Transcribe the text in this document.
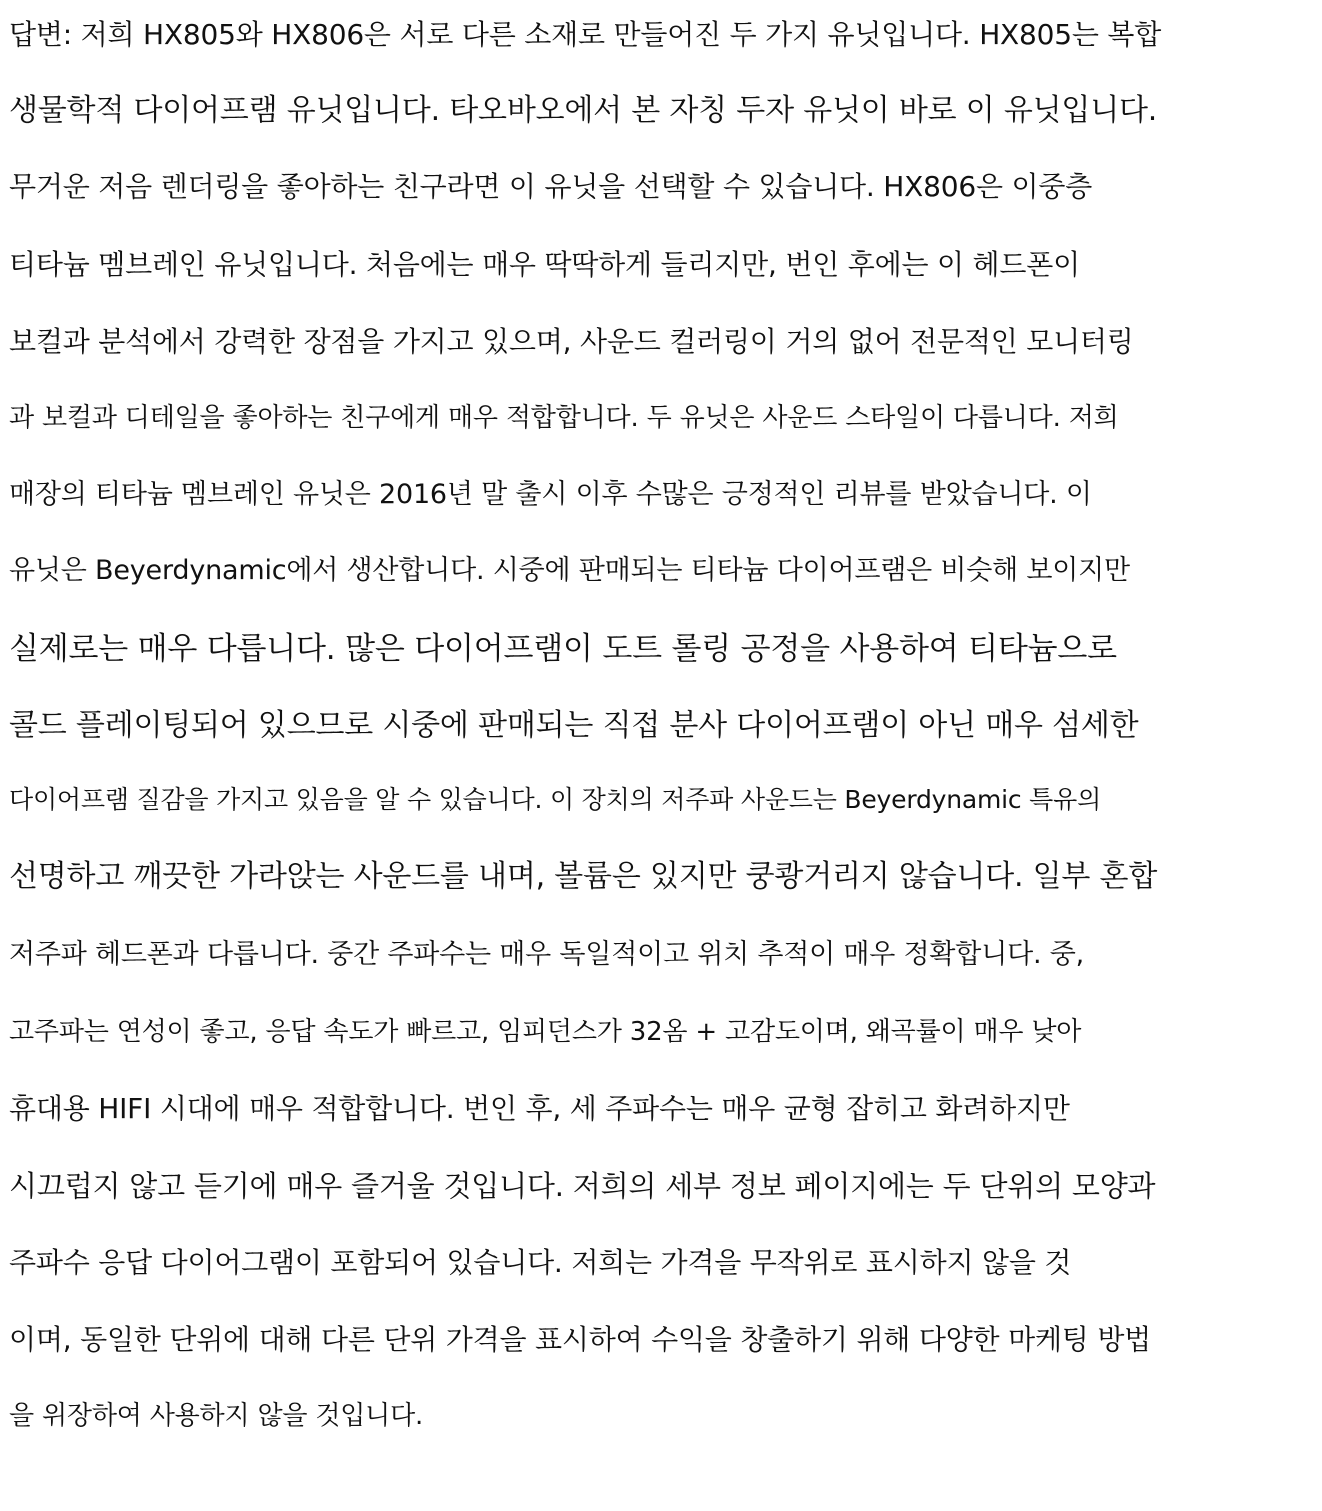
답변: 저희 HX805와 HX806은 서로 다른 소재로 만들어진 두 가지 유닛입니다. HX805는 복합
생물학적 다이어프램 유닛입니다. 타오바오에서 본 자칭 두자 유닛이 바로 이 유닛입니다.
무거운 저음 렌더링을 좋아하는 친구라면 이 유닛을 선택할 수 있습니다. HX806은 이중층
티타늄 멤브레인 유닛입니다. 처음에는 매우 딱딱하게 들리지만, 번인 후에는 이 헤드폰이
보컬과 분석에서 강력한 장점을 가지고 있으며, 사운드 컬러링이 거의 없어 전문적인 모니터링
과 보컬과 디테일을 좋아하는 친구에게 매우 적합합니다. 두 유닛은 사운드 스타일이 다릅니다. 저희
매장의 티타늄 멤브레인 유닛은 2016년 말 출시 이후 수많은 긍정적인 리뷰를 받았습니다. 이
유닛은 Beyerdynamic에서 생산합니다. 시중에 판매되는 티타늄 다이어프램은 비슷해 보이지만
실제로는 매우 다릅니다. 많은 다이어프램이 도트 롤링 공정을 사용하여 티타늄으로
콜드 플레이팅되어 있으므로 시중에 판매되는 직접 분사 다이어프램이 아닌 매우 섬세한
다이어프램 질감을 가지고 있음을 알 수 있습니다. 이 장치의 저주파 사운드는 Beyerdynamic 특유의
선명하고 깨끗한 가라앉는 사운드를 내며, 볼륨은 있지만 쿵쾅거리지 않습니다. 일부 혼합
저주파 헤드폰과 다릅니다. 중간 주파수는 매우 독일적이고 위치 추적이 매우 정확합니다. 중,
고주파는 연성이 좋고, 응답 속도가 빠르고, 임피던스가 32옴 + 고감도이며, 왜곡률이 매우 낮아
휴대용 HIFI 시대에 매우 적합합니다. 번인 후, 세 주파수는 매우 균형 잡히고 화려하지만
시끄럽지 않고 듣기에 매우 즐거울 것입니다. 저희의 세부 정보 페이지에는 두 단위의 모양과
주파수 응답 다이어그램이 포함되어 있습니다. 저희는 가격을 무작위로 표시하지 않을 것
이며, 동일한 단위에 대해 다른 단위 가격을 표시하여 수익을 창출하기 위해 다양한 마케팅 방법
을 위장하여 사용하지 않을 것입니다.
